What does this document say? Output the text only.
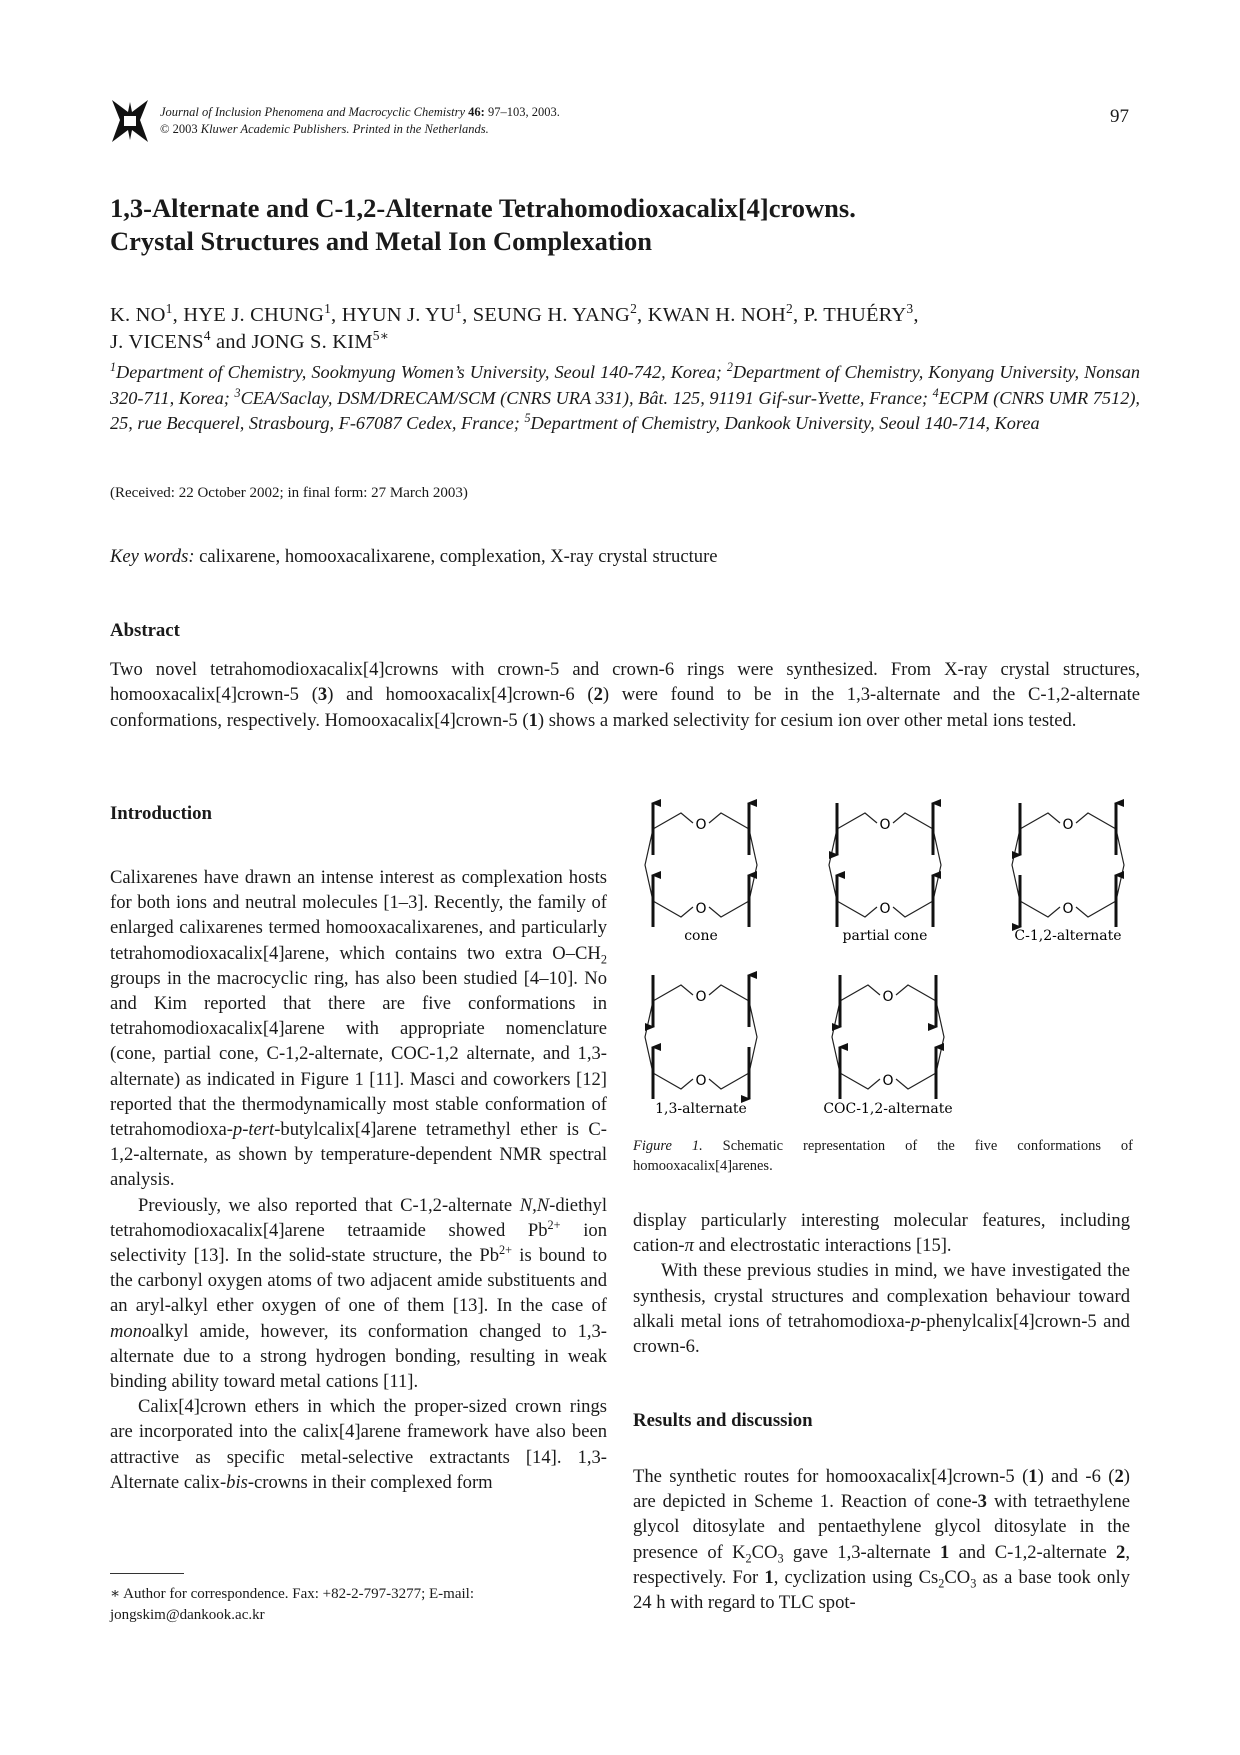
Journal of Inclusion Phenomena and Macrocyclic Chemistry 46: 97–103, 2003.
© 2003 Kluwer Academic Publishers. Printed in the Netherlands.
97
1,3-Alternate and C-1,2-Alternate Tetrahomodioxacalix[4]crowns.
Crystal Structures and Metal Ion Complexation
K. $NO^1$, HYE J. CHUNG$^1$, HYUN J. $YU^1$, SEUNG H. YANG$^2$, KWAN H. NOH$^2$, P. THUÉRY$^3$,
J. VICENS$^4$ and JONG S. $KIM^{5∗}$
$^1$Department of Chemistry, Sookmyung Women’s University, Seoul 140-742, Korea; $^2$Department of Chemistry, Konyang University, Nonsan 320-711, Korea; $^3$CEA/Saclay, DSM/DRECAM/SCM (CNRS URA 331), Bât. 125, 91191 Gif-sur-Yvette, France; $^4$ECPM (CNRS UMR 7512), 25, rue Becquerel, Strasbourg, F-67087 Cedex, France; $^5$Department of Chemistry, Dankook University, Seoul 140-714, Korea
(Received: 22 October 2002; in final form: 27 March 2003)
Key words: calixarene, homooxacalixarene, complexation, X-ray crystal structure
Abstract
Two novel tetrahomodioxacalix[4]crowns with crown-5 and crown-6 rings were synthesized. From X-ray crystal structures, homooxacalix[4]crown-5 (3) and homooxacalix[4]crown-6 (2) were found to be in the 1,3-alternate and the C-1,2-alternate conformations, respectively. Homooxacalix[4]crown-5 (1) shows a marked selectivity for cesium ion over other metal ions tested.
Introduction

Calixarenes have drawn an intense interest as complexation hosts for both ions and neutral molecules [1–3]. Recently, the family of enlarged calixarenes termed homooxacalixarenes, and particularly tetrahomodioxacalix[4]arene, which contains two extra $O-CH_2$ groups in the macrocyclic ring, has also been studied [4–10]. No and Kim reported that there are five conformations in tetrahomodioxacalix[4]arene with appropriate nomenclature (cone, partial cone, C-1,2-alternate, COC-1,2 alternate, and 1,3-alternate) as indicated in Figure 1 [11]. Masci and coworkers [12] reported that the thermodynamically most stable conformation of tetrahomodioxa-p-tert-butylcalix[4]arene tetramethyl ether is C-1,2-alternate, as shown by temperature-dependent NMR spectral analysis.

Previously, we also reported that C-1,2-alternate N,N-diethyl tetrahomodioxacalix[4]arene tetraamide showed $Pb^{2+}$ ion selectivity [13]. In the solid-state structure, the $Pb^{2+}$ is bound to the carbonyl oxygen atoms of two adjacent amide substituents and an aryl-alkyl ether oxygen of one of them [13]. In the case of monoalkyl amide, however, its conformation changed to 1,3-alternate due to a strong hydrogen bonding, resulting in weak binding ability toward metal cations [11].

Calix[4]crown ethers in which the proper-sized crown rings are incorporated into the calix[4]arene framework have also been attractive as specific metal-selective extractants [14]. 1,3-Alternate calix-bis-crowns in their complexed form

display particularly interesting molecular features, including cation-π and electrostatic interactions [15].

With these previous studies in mind, we have investigated the synthesis, crystal structures and complexation behaviour toward alkali metal ions of tetrahomodioxa-p-phenylcalix[4]crown-5 and crown-6.

Results and discussion

The synthetic routes for homooxacalix[4]crown-5 (1) and -6 (2) are depicted in Scheme 1. Reaction of cone-3 with tetraethylene glycol ditosylate and pentaethylene glycol ditosylate in the presence of $K_2CO_3$ gave 1,3-alternate 1 and C-1,2-alternate 2, respectively. For 1, cyclization using $Cs_2CO_3$ as a base took only 24 h with regard to TLC spot-

O
O
O
O
O
O
O
O
O
O
cone	partial cone	C-1,2-alternate
1,3-alternate	COC-1,2-alternate
Figure 1. Schematic representation of the five conformations of homooxacalix[4]arenes.
∗ Author for correspondence. Fax: +82-2-797-3277; E-mail: jongskim@dankook.ac.kr
